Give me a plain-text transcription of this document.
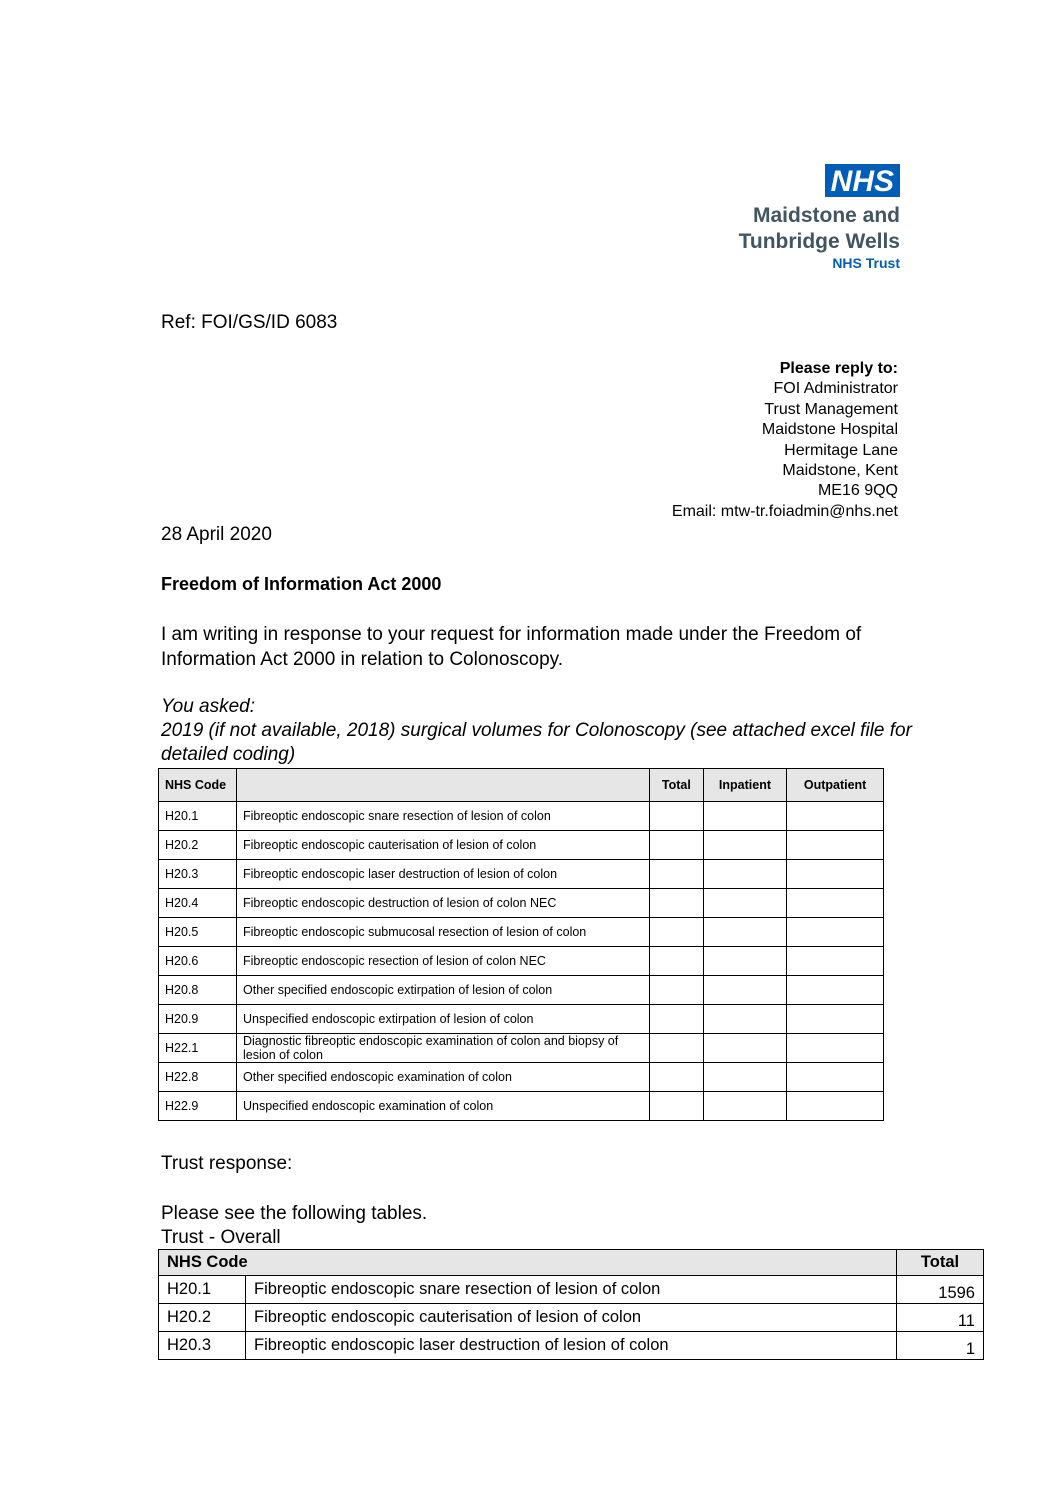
NHS
Maidstone and
Tunbridge Wells
NHS Trust
Ref: FOI/GS/ID 6083
Please reply to:
FOI Administrator
Trust Management
Maidstone Hospital
Hermitage Lane
Maidstone, Kent
ME16 9QQ
Email: mtw-tr.foiadmin@nhs.net
28 April 2020
Freedom of Information Act 2000
I am writing in response to your request for information made under the Freedom of Information Act 2000 in relation to Colonoscopy.
You asked:
2019 (if not available, 2018) surgical volumes for Colonoscopy (see attached excel file for detailed coding)
NHS Code		Total	Inpatient	Outpatient
H20.1	Fibreoptic endoscopic snare resection of lesion of colon			
H20.2	Fibreoptic endoscopic cauterisation of lesion of colon			
H20.3	Fibreoptic endoscopic laser destruction of lesion of colon			
H20.4	Fibreoptic endoscopic destruction of lesion of colon NEC			
H20.5	Fibreoptic endoscopic submucosal resection of lesion of colon			
H20.6	Fibreoptic endoscopic resection of lesion of colon NEC			
H20.8	Other specified endoscopic extirpation of lesion of colon			
H20.9	Unspecified endoscopic extirpation of lesion of colon			
H22.1	Diagnostic fibreoptic endoscopic examination of colon and biopsy of lesion of colon			
H22.8	Other specified endoscopic examination of colon			
H22.9	Unspecified endoscopic examination of colon			
Trust response:
Please see the following tables.
Trust - Overall
NHS Code		Total
H20.1	Fibreoptic endoscopic snare resection of lesion of colon	1596
H20.2	Fibreoptic endoscopic cauterisation of lesion of colon	11
H20.3	Fibreoptic endoscopic laser destruction of lesion of colon	1
